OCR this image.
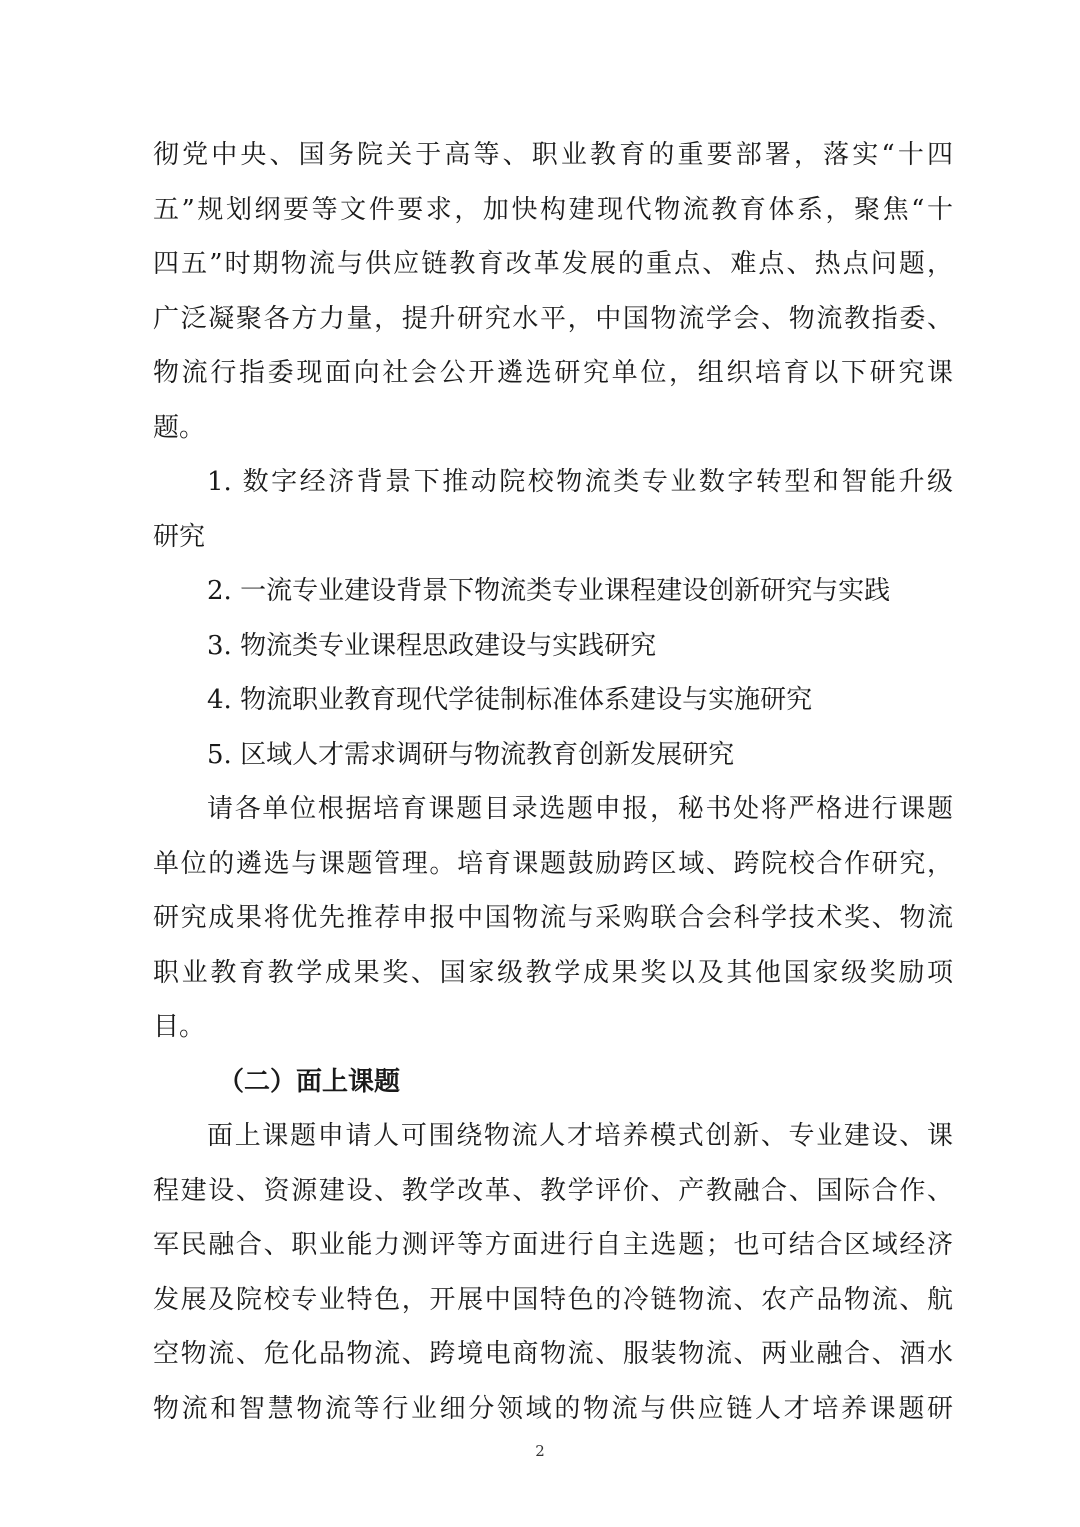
彻党中央、国务院关于高等、职业教育的重要部署，落实“十四
五”规划纲要等文件要求，加快构建现代物流教育体系，聚焦“十
四五”时期物流与供应链教育改革发展的重点、难点、热点问题，
广泛凝聚各方力量，提升研究水平，中国物流学会、物流教指委、
物流行指委现面向社会公开遴选研究单位，组织培育以下研究课
题。
1. 数字经济背景下推动院校物流类专业数字转型和智能升级
研究
2. 一流专业建设背景下物流类专业课程建设创新研究与实践
3. 物流类专业课程思政建设与实践研究
4. 物流职业教育现代学徒制标准体系建设与实施研究
5. 区域人才需求调研与物流教育创新发展研究
请各单位根据培育课题目录选题申报，秘书处将严格进行课题
单位的遴选与课题管理。培育课题鼓励跨区域、跨院校合作研究，
研究成果将优先推荐申报中国物流与采购联合会科学技术奖、物流
职业教育教学成果奖、国家级教学成果奖以及其他国家级奖励项
目。
（二）面上课题
面上课题申请人可围绕物流人才培养模式创新、专业建设、课
程建设、资源建设、教学改革、教学评价、产教融合、国际合作、
军民融合、职业能力测评等方面进行自主选题；也可结合区域经济
发展及院校专业特色，开展中国特色的冷链物流、农产品物流、航
空物流、危化品物流、跨境电商物流、服装物流、两业融合、酒水
物流和智慧物流等行业细分领域的物流与供应链人才培养课题研
2
